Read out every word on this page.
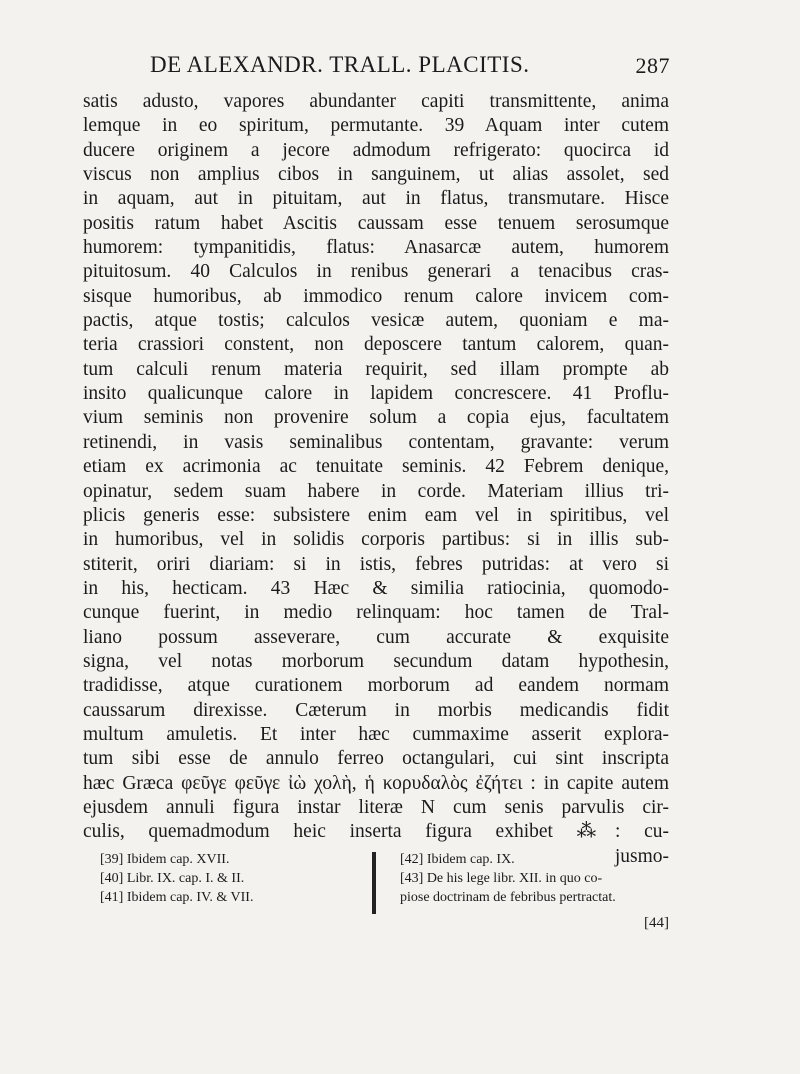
DE ALEXANDR. TRALL. PLACITIS.	287
satis adusto, vapores abundanter capiti transmittente, anima
lemque in eo spiritum, permutante. 39 Aquam inter cutem
ducere originem a jecore admodum refrigerato: quocirca id
viscus non amplius cibos in sanguinem, ut alias assolet, sed
in aquam, aut in pituitam, aut in flatus, transmutare. Hisce
positis ratum habet Ascitis caussam esse tenuem serosumque
humorem: tympanitidis, flatus: Anasarcæ autem, humorem
pituitosum. 40 Calculos in renibus generari a tenacibus cras-
sisque humoribus, ab immodico renum calore invicem com-
pactis, atque tostis; calculos vesicæ autem, quoniam e ma-
teria crassiori constent, non deposcere tantum calorem, quan-
tum calculi renum materia requirit, sed illam prompte ab
insito qualicunque calore in lapidem concrescere. 41 Proflu-
vium seminis non provenire solum a copia ejus, facultatem
retinendi, in vasis seminalibus contentam, gravante: verum
etiam ex acrimonia ac tenuitate seminis. 42 Febrem denique,
opinatur, sedem suam habere in corde. Materiam illius tri-
plicis generis esse: subsistere enim eam vel in spiritibus, vel
in humoribus, vel in solidis corporis partibus: si in illis sub-
stiterit, oriri diariam: si in istis, febres putridas: at vero si
in his, hecticam. 43 Hæc & similia ratiocinia, quomodo-
cunque fuerint, in medio relinquam: hoc tamen de Tral-
liano possum asseverare, cum accurate & exquisite
signa, vel notas morborum secundum datam hypothesin,
tradidisse, atque curationem morborum ad eandem normam
caussarum direxisse. Cæterum in morbis medicandis fidit
multum amuletis. Et inter hæc cummaxime asserit explora-
tum sibi esse de annulo ferreo octangulari, cui sint inscripta
hæc Græca φεῦγε φεῦγε ἰὼ χολὴ, ἡ κορυδαλὸς ἐζήτει : in capite autem
ejusdem annuli figura instar literæ N cum senis parvulis cir-
culis, quemadmodum heic inserta figura exhibet ⁂: cu-
jusmo-
[39] Ibidem cap. XVII.
[40] Libr. IX. cap. I. & II.
[41] Ibidem cap. IV. & VII.
[42] Ibidem cap. IX.
[43] De his lege libr. XII. in quo co-
piose doctrinam de febribus pertractat.
[44]
